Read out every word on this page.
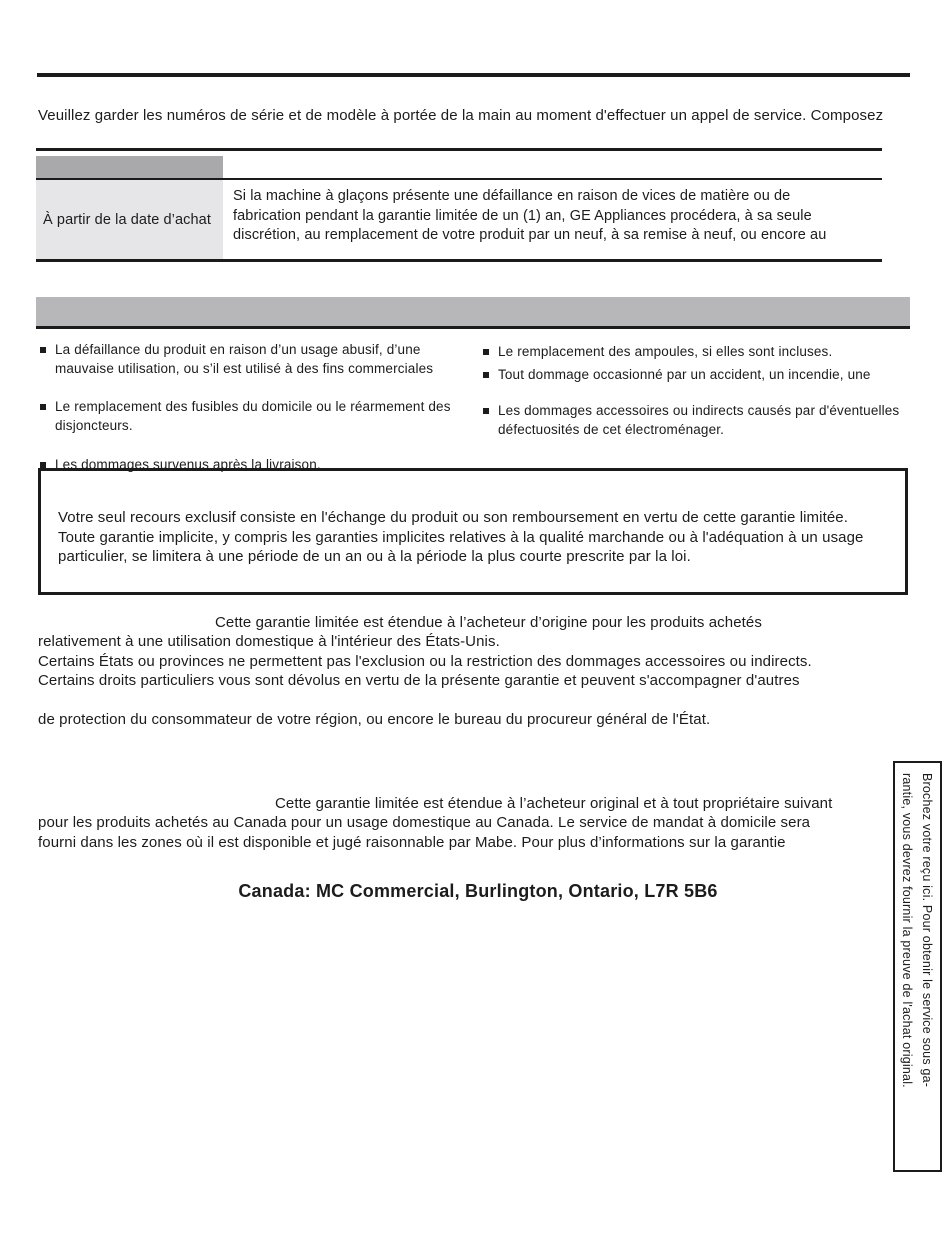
Veuillez garder les numéros de série et de modèle à portée de la main au moment d'effectuer un appel de service. Composez
À partir de la date d’achat
Si la machine à glaçons présente une défaillance en raison de vices de matière ou de
fabrication pendant la garantie limitée de un (1) an, GE Appliances procédera, à sa seule
discrétion, au remplacement de votre produit par un neuf, à sa remise à neuf, ou encore au
La défaillance du produit en raison d’un usage abusif, d’une mauvaise utilisation, ou s’il est utilisé à des fins commerciales
Le remplacement des fusibles du domicile ou le réarmement des disjoncteurs.
Les dommages survenus après la livraison.
Le remplacement des ampoules, si elles sont incluses.
Tout dommage occasionné par un accident, un incendie, une
Les dommages accessoires ou indirects causés par d'éventuelles défectuosités de cet électroménager.
Votre seul recours exclusif consiste en l'échange du produit ou son remboursement en vertu de cette garantie limitée. Toute garantie implicite, y compris les garanties implicites relatives à la qualité marchande ou à l'adéquation à un usage particulier, se limitera à une période de un an ou à la période la plus courte prescrite par la loi.
Cette garantie limitée est étendue à l’acheteur d’origine pour les produits achetés
relativement à une utilisation domestique à l'intérieur des États-Unis.
Certains États ou provinces ne permettent pas l'exclusion ou la restriction des dommages accessoires ou indirects.
Certains droits particuliers vous sont dévolus en vertu de la présente garantie et peuvent s'accompagner d'autres
de protection du consommateur de votre région, ou encore le bureau du procureur général de l'État.
Cette garantie limitée est étendue à l’acheteur original et à tout propriétaire suivant
pour les produits achetés au Canada pour un usage domestique au Canada. Le service de mandat à domicile sera
fourni dans les zones où il est disponible et jugé raisonnable par Mabe. Pour plus d’informations sur la garantie
Canada: MC Commercial, Burlington, Ontario, L7R 5B6	Brochez votre reçu ici. Pour obtenir le service sous ga-
rantie, vous devrez fournir la preuve de l'achat original.
